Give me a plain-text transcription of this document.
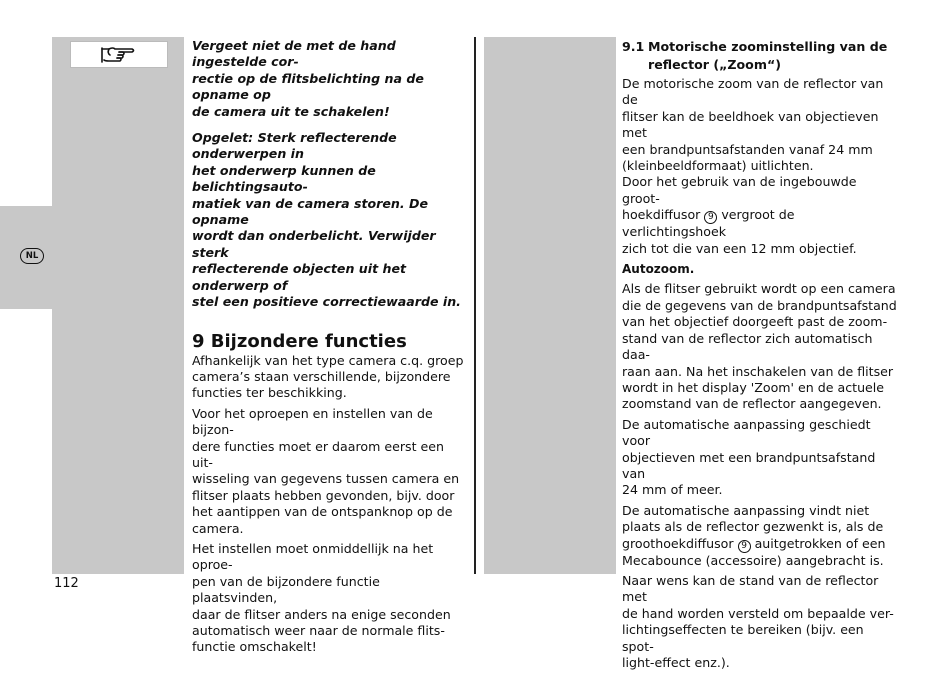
NL

Vergeet niet de met de hand ingestelde cor-
rectie op de flitsbelichting na de opname op
de camera uit te schakelen!

Opgelet: Sterk reflecterende onderwerpen in
het onderwerp kunnen de belichtingsauto-
matiek van de camera storen. De opname
wordt dan onderbelicht. Verwijder sterk
reflecterende objecten uit het onderwerp of
stel een positieve correctiewaarde in.

9 Bijzondere functies

Afhankelijk van het type camera c.q. groep
camera’s staan verschillende, bijzondere
functies ter beschikking.

Voor het oproepen en instellen van de bijzon-
dere functies moet er daarom eerst een uit-
wisseling van gegevens tussen camera en
flitser plaats hebben gevonden, bijv. door
het aantippen van de ontspanknop op de
camera.

Het instellen moet onmiddellijk na het oproe-
pen van de bijzondere functie plaatsvinden,
daar de flitser anders na enige seconden
automatisch weer naar de normale flits-
functie omschakelt!

9.1 Motorische zoominstelling van de
reflector („Zoom“)

De motorische zoom van de reflector van de
flitser kan de beeldhoek van objectieven met
een brandpuntsafstanden vanaf 24 mm
(kleinbeeldformaat) uitlichten.

Door het gebruik van de ingebouwde groot-
hoekdiffusor 9 vergroot de verlichtingshoek
zich tot die van een 12 mm objectief.

Autozoom.

Als de flitser gebruikt wordt op een camera
die de gegevens van de brandpuntsafstand
van het objectief doorgeeft past de zoom-
stand van de reflector zich automatisch daa-
raan aan. Na het inschakelen van de flitser
wordt in het display 'Zoom' en de actuele
zoomstand van de reflector aangegeven.

De automatische aanpassing geschiedt voor
objectieven met een brandpuntsafstand van
24 mm of meer.

De automatische aanpassing vindt niet
plaats als de reflector gezwenkt is, als de
groothoekdiffusor 9 auitgetrokken of een
Mecabounce (accessoire) aangebracht is.

Naar wens kan de stand van de reflector met
de hand worden versteld om bepaalde ver-
lichtingseffecten te bereiken (bijv. een spot-
light-effect enz.).

112
